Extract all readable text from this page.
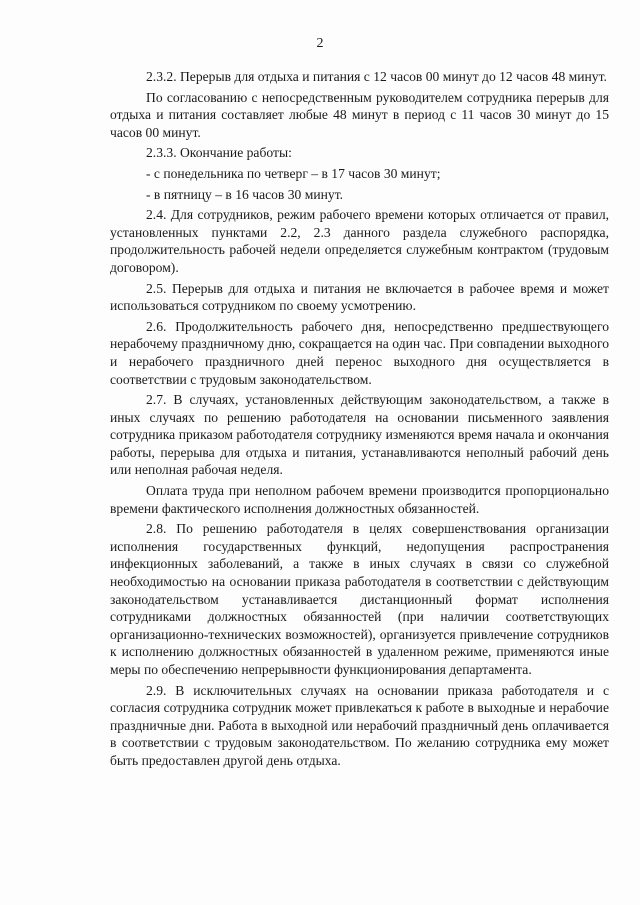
2

2.3.2. Перерыв для отдыха и питания с 12 часов 00 минут до 12 часов 48 минут.

По согласованию с непосредственным руководителем сотрудника перерыв для отдыха и питания составляет любые 48 минут в период с 11 часов 30 минут до 15 часов 00 минут.

2.3.3. Окончание работы:

- с понедельника по четверг – в 17 часов 30 минут;

- в пятницу – в 16 часов 30 минут.

2.4. Для сотрудников, режим рабочего времени которых отличается от правил, установленных пунктами 2.2, 2.3 данного раздела служебного распорядка, продолжительность рабочей недели определяется служебным контрактом (трудовым договором).

2.5. Перерыв для отдыха и питания не включается в рабочее время и может использоваться сотрудником по своему усмотрению.

2.6. Продолжительность рабочего дня, непосредственно предшествующего нерабочему праздничному дню, сокращается на один час. При совпадении выходного и нерабочего праздничного дней перенос выходного дня осуществляется в соответствии с трудовым законодательством.

2.7. В случаях, установленных действующим законодательством, а также в иных случаях по решению работодателя на основании письменного заявления сотрудника приказом работодателя сотруднику изменяются время начала и окончания работы, перерыва для отдыха и питания, устанавливаются неполный рабочий день или неполная рабочая неделя.

Оплата труда при неполном рабочем времени производится пропорционально времени фактического исполнения должностных обязанностей.

2.8. По решению работодателя в целях совершенствования организации исполнения государственных функций, недопущения распространения инфекционных заболеваний, а также в иных случаях в связи со служебной необходимостью на основании приказа работодателя в соответствии с действующим законодательством устанавливается дистанционный формат исполнения сотрудниками должностных обязанностей (при наличии соответствующих организационно-технических возможностей), организуется привлечение сотрудников к исполнению должностных обязанностей в удаленном режиме, применяются иные меры по обеспечению непрерывности функционирования департамента.

2.9. В исключительных случаях на основании приказа работодателя и с согласия сотрудника сотрудник может привлекаться к работе в выходные и нерабочие праздничные дни. Работа в выходной или нерабочий праздничный день оплачивается в соответствии с трудовым законодательством. По желанию сотрудника ему может быть предоставлен другой день отдыха.
